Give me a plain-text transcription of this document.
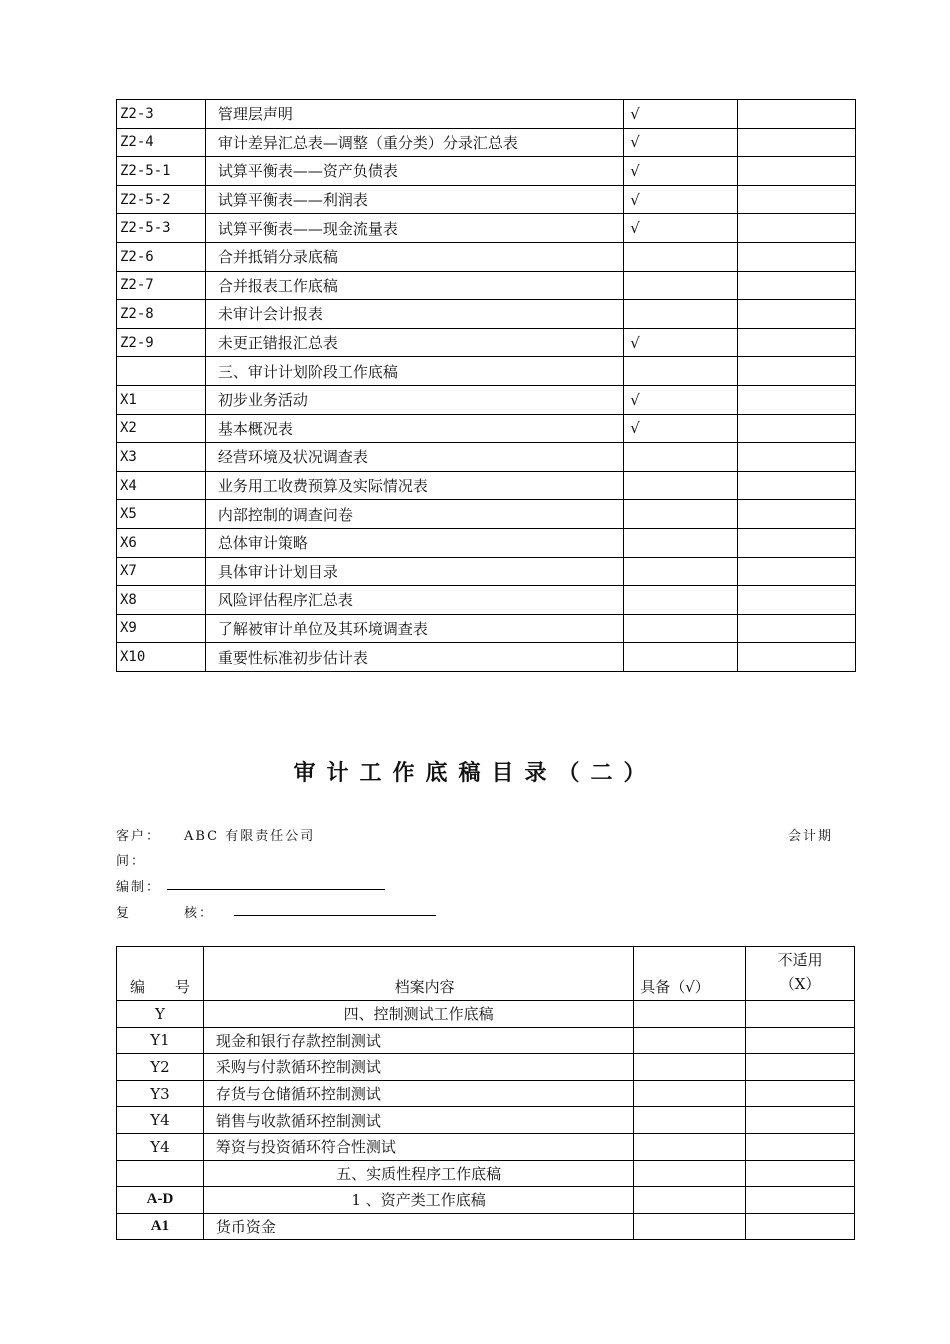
Z2-3	管理层声明	√	
Z2-4	审计差异汇总表—调整（重分类）分录汇总表	√	
Z2-5-1	试算平衡表——资产负债表	√	
Z2-5-2	试算平衡表——利润表	√	
Z2-5-3	试算平衡表——现金流量表	√	
Z2-6	合并抵销分录底稿		
Z2-7	合并报表工作底稿		
Z2-8	未审计会计报表		
Z2-9	未更正错报汇总表	√	
	三、审计计划阶段工作底稿		
X1	初步业务活动	√	
X2	基本概况表	√	
X3	经营环境及状况调查表		
X4	业务用工收费预算及实际情况表		
X5	内部控制的调查问卷		
X6	总体审计策略		
X7	具体审计计划目录		
X8	风险评估程序汇总表		
X9	了解被审计单位及其环境调查表		
X10	重要性标准初步估计表		
审计工作底稿目录（二）
客户： ABC 有限责任公司	会计期
间：
编制：
复	核：
编　　号	档案内容	具备（√）	不适用
（X）
Y	四、控制测试工作底稿		
Y1	现金和银行存款控制测试		
Y2	采购与付款循环控制测试		
Y3	存货与仓储循环控制测试		
Y4	销售与收款循环控制测试		
Y4	筹资与投资循环符合性测试		
	五、实质性程序工作底稿		
A-D	1 、资产类工作底稿		
A1	货币资金		
